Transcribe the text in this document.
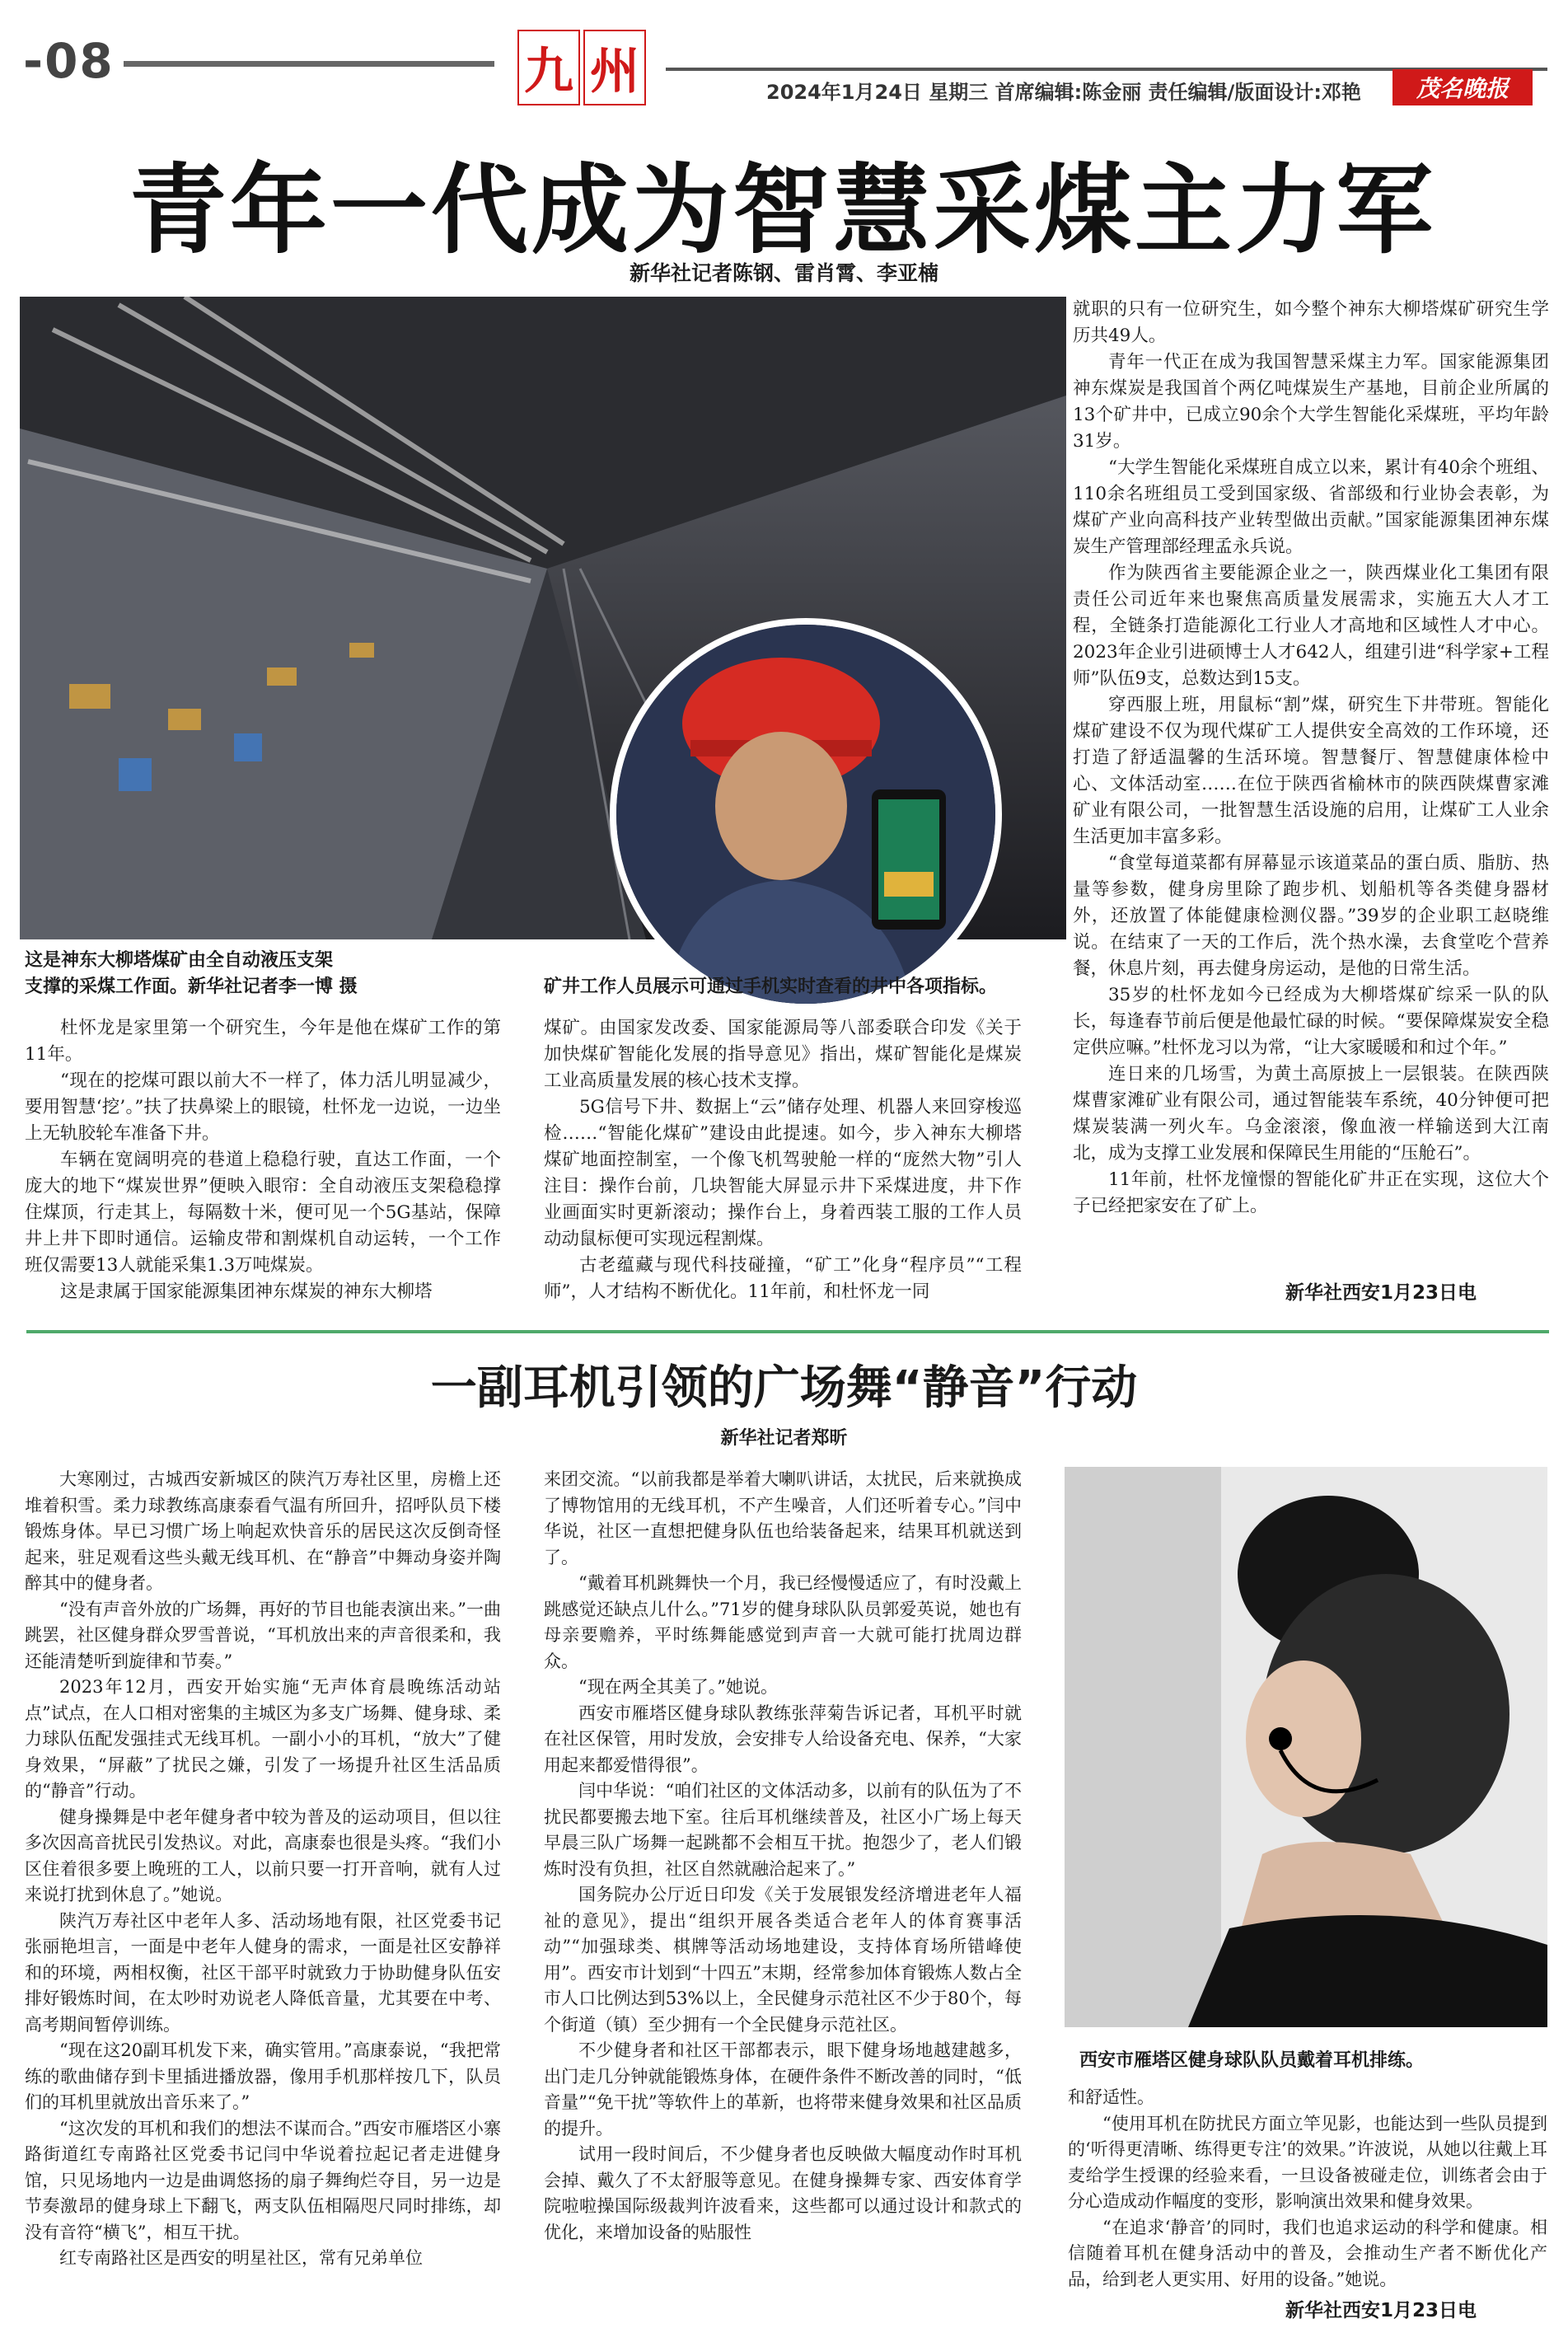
-08	九 州	2024年1月24日 星期三 首席编辑:陈金丽 责任编辑/版面设计:邓艳	茂名晚报
青年一代成为智慧采煤主力军
新华社记者陈钢、雷肖霄、李亚楠
这是神东大柳塔煤矿由全自动液压支架
支撑的采煤工作面。新华社记者李一博 摄	矿井工作人员展示可通过手机实时查看的井中各项指标。

就职的只有一位研究生，如今整个神东大柳塔煤矿研究生学历共49人。

青年一代正在成为我国智慧采煤主力军。国家能源集团神东煤炭是我国首个两亿吨煤炭生产基地，目前企业所属的13个矿井中，已成立90余个大学生智能化采煤班，平均年龄31岁。

“大学生智能化采煤班自成立以来，累计有40余个班组、110余名班组员工受到国家级、省部级和行业协会表彰，为煤矿产业向高科技产业转型做出贡献。”国家能源集团神东煤炭生产管理部经理孟永兵说。

作为陕西省主要能源企业之一，陕西煤业化工集团有限责任公司近年来也聚焦高质量发展需求，实施五大人才工程，全链条打造能源化工行业人才高地和区域性人才中心。2023年企业引进硕博士人才642人，组建引进“科学家+工程师”队伍9支，总数达到15支。

穿西服上班，用鼠标“割”煤，研究生下井带班。智能化煤矿建设不仅为现代煤矿工人提供安全高效的工作环境，还打造了舒适温馨的生活环境。智慧餐厅、智慧健康体检中心、文体活动室……在位于陕西省榆林市的陕西陕煤曹家滩矿业有限公司，一批智慧生活设施的启用，让煤矿工人业余生活更加丰富多彩。

“食堂每道菜都有屏幕显示该道菜品的蛋白质、脂肪、热量等参数，健身房里除了跑步机、划船机等各类健身器材外，还放置了体能健康检测仪器。”39岁的企业职工赵晓维说。在结束了一天的工作后，洗个热水澡，去食堂吃个营养餐，休息片刻，再去健身房运动，是他的日常生活。

35岁的杜怀龙如今已经成为大柳塔煤矿综采一队的队长，每逢春节前后便是他最忙碌的时候。“要保障煤炭安全稳定供应嘛。”杜怀龙习以为常，“让大家暖暖和和过个年。”

连日来的几场雪，为黄土高原披上一层银装。在陕西陕煤曹家滩矿业有限公司，通过智能装车系统，40分钟便可把煤炭装满一列火车。乌金滚滚，像血液一样输送到大江南北，成为支撑工业发展和保障民生用能的“压舱石”。

11年前，杜怀龙憧憬的智能化矿井正在实现，这位大个子已经把家安在了矿上。

新华社西安1月23日电

杜怀龙是家里第一个研究生，今年是他在煤矿工作的第11年。

“现在的挖煤可跟以前大不一样了，体力活儿明显减少，要用智慧‘挖’。”扶了扶鼻梁上的眼镜，杜怀龙一边说，一边坐上无轨胶轮车准备下井。

车辆在宽阔明亮的巷道上稳稳行驶，直达工作面，一个庞大的地下“煤炭世界”便映入眼帘：全自动液压支架稳稳撑住煤顶，行走其上，每隔数十米，便可见一个5G基站，保障井上井下即时通信。运输皮带和割煤机自动运转，一个工作班仅需要13人就能采集1.3万吨煤炭。

这是隶属于国家能源集团神东煤炭的神东大柳塔

煤矿。由国家发改委、国家能源局等八部委联合印发《关于加快煤矿智能化发展的指导意见》指出，煤矿智能化是煤炭工业高质量发展的核心技术支撑。

5G信号下井、数据上“云”储存处理、机器人来回穿梭巡检……“智能化煤矿”建设由此提速。如今，步入神东大柳塔煤矿地面控制室，一个像飞机驾驶舱一样的“庞然大物”引人注目：操作台前，几块智能大屏显示井下采煤进度，井下作业画面实时更新滚动；操作台上，身着西装工服的工作人员动动鼠标便可实现远程割煤。

古老蕴藏与现代科技碰撞，“矿工”化身“程序员”“工程师”，人才结构不断优化。11年前，和杜怀龙一同

一副耳机引领的广场舞“静音”行动
新华社记者郑昕

大寒刚过，古城西安新城区的陕汽万寿社区里，房檐上还堆着积雪。柔力球教练高康泰看气温有所回升，招呼队员下楼锻炼身体。早已习惯广场上响起欢快音乐的居民这次反倒奇怪起来，驻足观看这些头戴无线耳机、在“静音”中舞动身姿并陶醉其中的健身者。

“没有声音外放的广场舞，再好的节目也能表演出来。”一曲跳罢，社区健身群众罗雪普说，“耳机放出来的声音很柔和，我还能清楚听到旋律和节奏。”

2023年12月，西安开始实施“无声体育晨晚练活动站点”试点，在人口相对密集的主城区为多支广场舞、健身球、柔力球队伍配发强挂式无线耳机。一副小小的耳机，“放大”了健身效果，“屏蔽”了扰民之嫌，引发了一场提升社区生活品质的“静音”行动。

健身操舞是中老年健身者中较为普及的运动项目，但以往多次因高音扰民引发热议。对此，高康泰也很是头疼。“我们小区住着很多要上晚班的工人，以前只要一打开音响，就有人过来说打扰到休息了。”她说。

陕汽万寿社区中老年人多、活动场地有限，社区党委书记张丽艳坦言，一面是中老年人健身的需求，一面是社区安静祥和的环境，两相权衡，社区干部平时就致力于协助健身队伍安排好锻炼时间，在太吵时劝说老人降低音量，尤其要在中考、高考期间暂停训练。

“现在这20副耳机发下来，确实管用。”高康泰说，“我把常练的歌曲储存到卡里插进播放器，像用手机那样按几下，队员们的耳机里就放出音乐来了。”

“这次发的耳机和我们的想法不谋而合。”西安市雁塔区小寨路街道红专南路社区党委书记闫中华说着拉起记者走进健身馆，只见场地内一边是曲调悠扬的扇子舞绚烂夺目，另一边是节奏激昂的健身球上下翻飞，两支队伍相隔咫尺同时排练，却没有音符“横飞”，相互干扰。

红专南路社区是西安的明星社区，常有兄弟单位

来团交流。“以前我都是举着大喇叭讲话，太扰民，后来就换成了博物馆用的无线耳机，不产生噪音，人们还听着专心。”闫中华说，社区一直想把健身队伍也给装备起来，结果耳机就送到了。

“戴着耳机跳舞快一个月，我已经慢慢适应了，有时没戴上跳感觉还缺点儿什么。”71岁的健身球队队员郭爱英说，她也有母亲要赡养，平时练舞能感觉到声音一大就可能打扰周边群众。

“现在两全其美了。”她说。

西安市雁塔区健身球队教练张萍菊告诉记者，耳机平时就在社区保管，用时发放，会安排专人给设备充电、保养，“大家用起来都爱惜得很”。

闫中华说：“咱们社区的文体活动多，以前有的队伍为了不扰民都要搬去地下室。往后耳机继续普及，社区小广场上每天早晨三队广场舞一起跳都不会相互干扰。抱怨少了，老人们锻炼时没有负担，社区自然就融洽起来了。”

国务院办公厅近日印发《关于发展银发经济增进老年人福祉的意见》，提出“组织开展各类适合老年人的体育赛事活动”“加强球类、棋牌等活动场地建设，支持体育场所错峰使用”。西安市计划到“十四五”末期，经常参加体育锻炼人数占全市人口比例达到53%以上，全民健身示范社区不少于80个，每个街道（镇）至少拥有一个全民健身示范社区。

不少健身者和社区干部都表示，眼下健身场地越建越多，出门走几分钟就能锻炼身体，在硬件条件不断改善的同时，“低音量”“免干扰”等软件上的革新，也将带来健身效果和社区品质的提升。

试用一段时间后，不少健身者也反映做大幅度动作时耳机会掉、戴久了不太舒服等意见。在健身操舞专家、西安体育学院啦啦操国际级裁判许波看来，这些都可以通过设计和款式的优化，来增加设备的贴服性

西安市雁塔区健身球队队员戴着耳机排练。

和舒适性。

“使用耳机在防扰民方面立竿见影，也能达到一些队员提到的‘听得更清晰、练得更专注’的效果。”许波说，从她以往戴上耳麦给学生授课的经验来看，一旦设备被碰走位，训练者会由于分心造成动作幅度的变形，影响演出效果和健身效果。

“在追求‘静音’的同时，我们也追求运动的科学和健康。相信随着耳机在健身活动中的普及，会推动生产者不断优化产品，给到老人更实用、好用的设备。”她说。

新华社西安1月23日电
